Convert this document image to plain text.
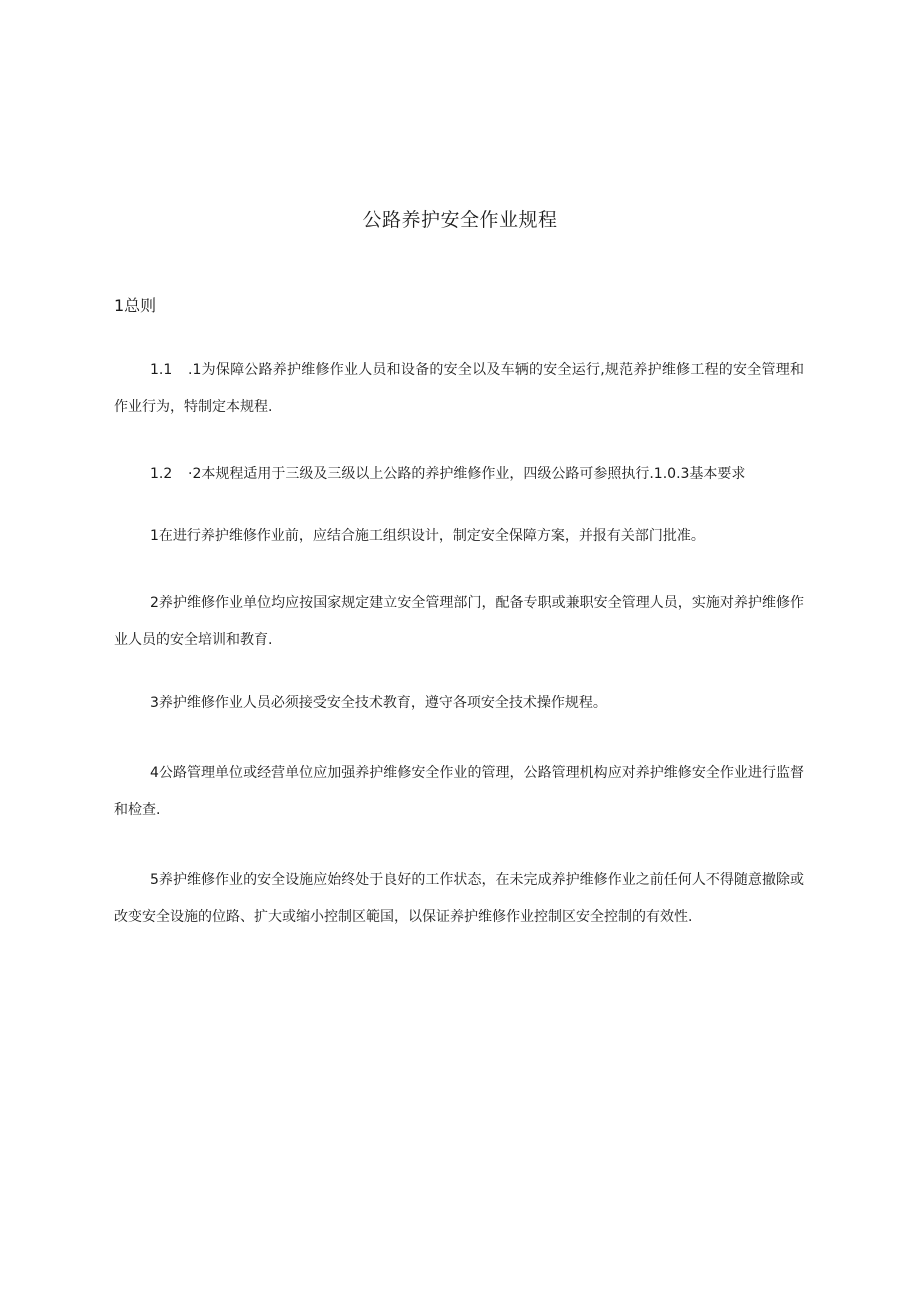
公路养护安全作业规程
1总则
1.1 .1为保障公路养护维修作业人员和设备的安全以及车辆的安全运行,规范养护维修工程的安全管理和作业行为，特制定本规程.
1.2 ·2本规程适用于三级及三级以上公路的养护维修作业，四级公路可参照执行.1.0.3基本要求
1在进行养护维修作业前，应结合施工组织设计，制定安全保障方案，并报有关部门批准。
2养护维修作业单位均应按国家规定建立安全管理部门，配备专职或兼职安全管理人员，实施对养护维修作业人员的安全培训和教育.
3养护维修作业人员必须接受安全技术教育，遵守各项安全技术操作规程。
4公路管理单位或经营单位应加强养护维修安全作业的管理，公路管理机构应对养护维修安全作业进行监督和检查.
5养护维修作业的安全设施应始终处于良好的工作状态，在未完成养护维修作业之前任何人不得随意撤除或改变安全设施的位路、扩大或缩小控制区範国，以保证养护维修作业控制区安全控制的有效性.
